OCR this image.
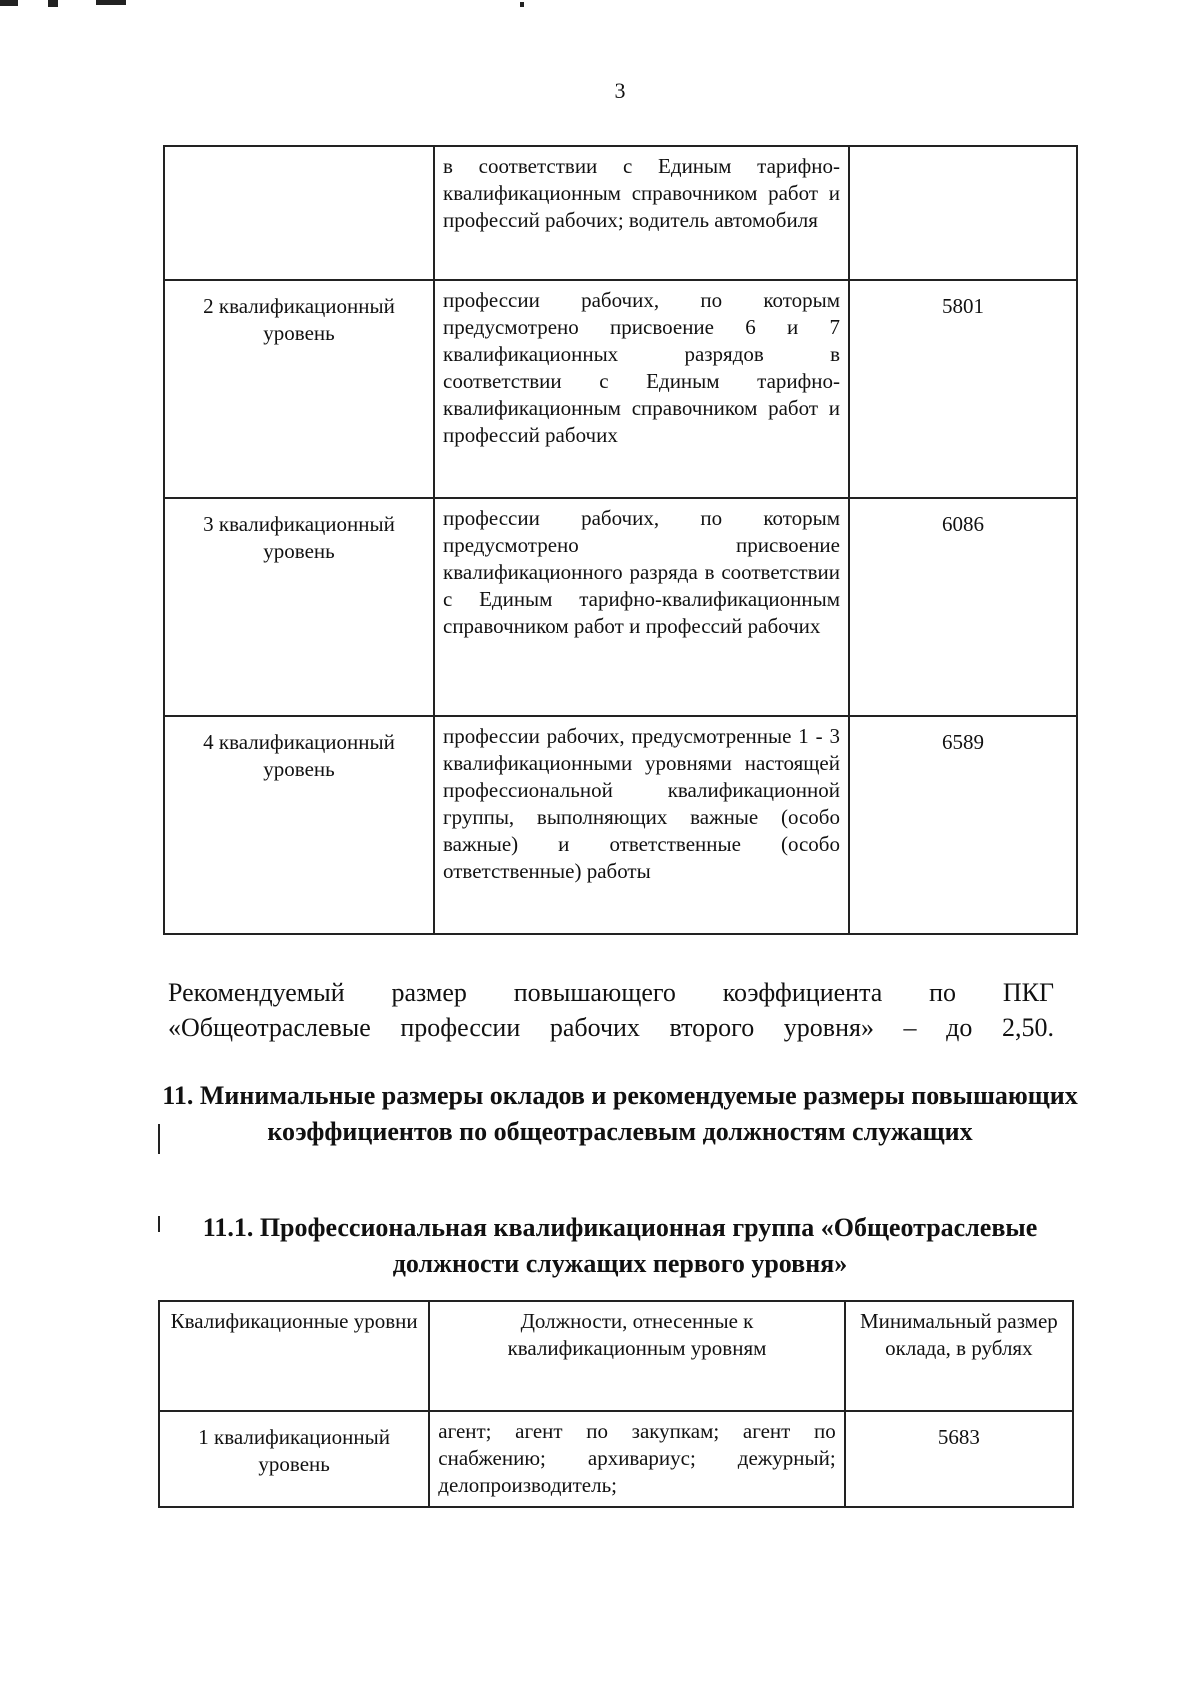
3

	в соответствии с Единым тарифно-квалификационным справочником работ и профессий рабочих; водитель автомобиля	

2 квалификационный уровень	профессии рабочих, по которым предусмотрено присвоение 6 и 7 квалификационных разрядов в соответствии с Единым тарифно-квалификационным справочником работ и профессий рабочих	5801
3 квалификационный уровень	профессии рабочих, по которым предусмотрено присвоение квалификационного разряда в соответствии с Единым тарифно-квалификационным справочником работ и профессий рабочих	6086
4 квалификационный уровень	профессии рабочих, предусмотренные 1 - 3 квалификационными уровнями настоящей профессиональной квалификационной группы, выполняющих важные (особо важные) и ответственные (особо ответственные) работы	6589
Рекомендуемый размер повышающего коэффициента по ПКГ «Общеотраслевые профессии рабочих второго уровня» – до 2,50.
11. Минимальные размеры окладов и рекомендуемые размеры повышающих коэффициентов по общеотраслевым должностям служащих
11.1. Профессиональная квалификационная группа «Общеотраслевые должности служащих первого уровня»
Квалификационные уровни	Должности, отнесенные к квалификационным уровням	Минимальный размер оклада, в рублях
1 квалификационный уровень	агент; агент по закупкам; агент по снабжению; архивариус; дежурный; делопроизводитель;	5683
